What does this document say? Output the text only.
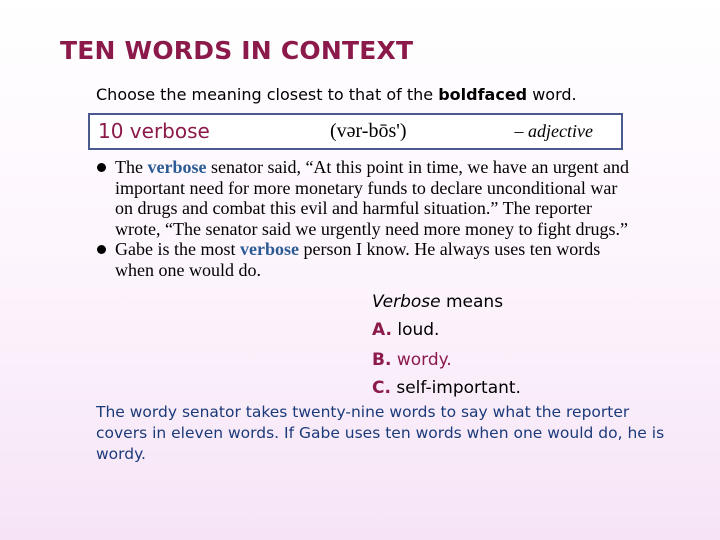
TEN WORDS IN CONTEXT
Choose the meaning closest to that of the boldfaced word.
10 verbose	(vər-bōs')	– adjective
The verbose senator said, “At this point in time, we have an urgent and important need for more monetary funds to declare unconditional war on drugs and combat this evil and harmful situation.” The reporter wrote, “The senator said we urgently need more money to fight drugs.”
Gabe is the most verbose person I know. He always uses ten words when one would do.
Verbose means
A. loud.
B. wordy.
C. self-important.
The wordy senator takes twenty-nine words to say what the reporter covers in eleven words. If Gabe uses ten words when one would do, he is wordy.
